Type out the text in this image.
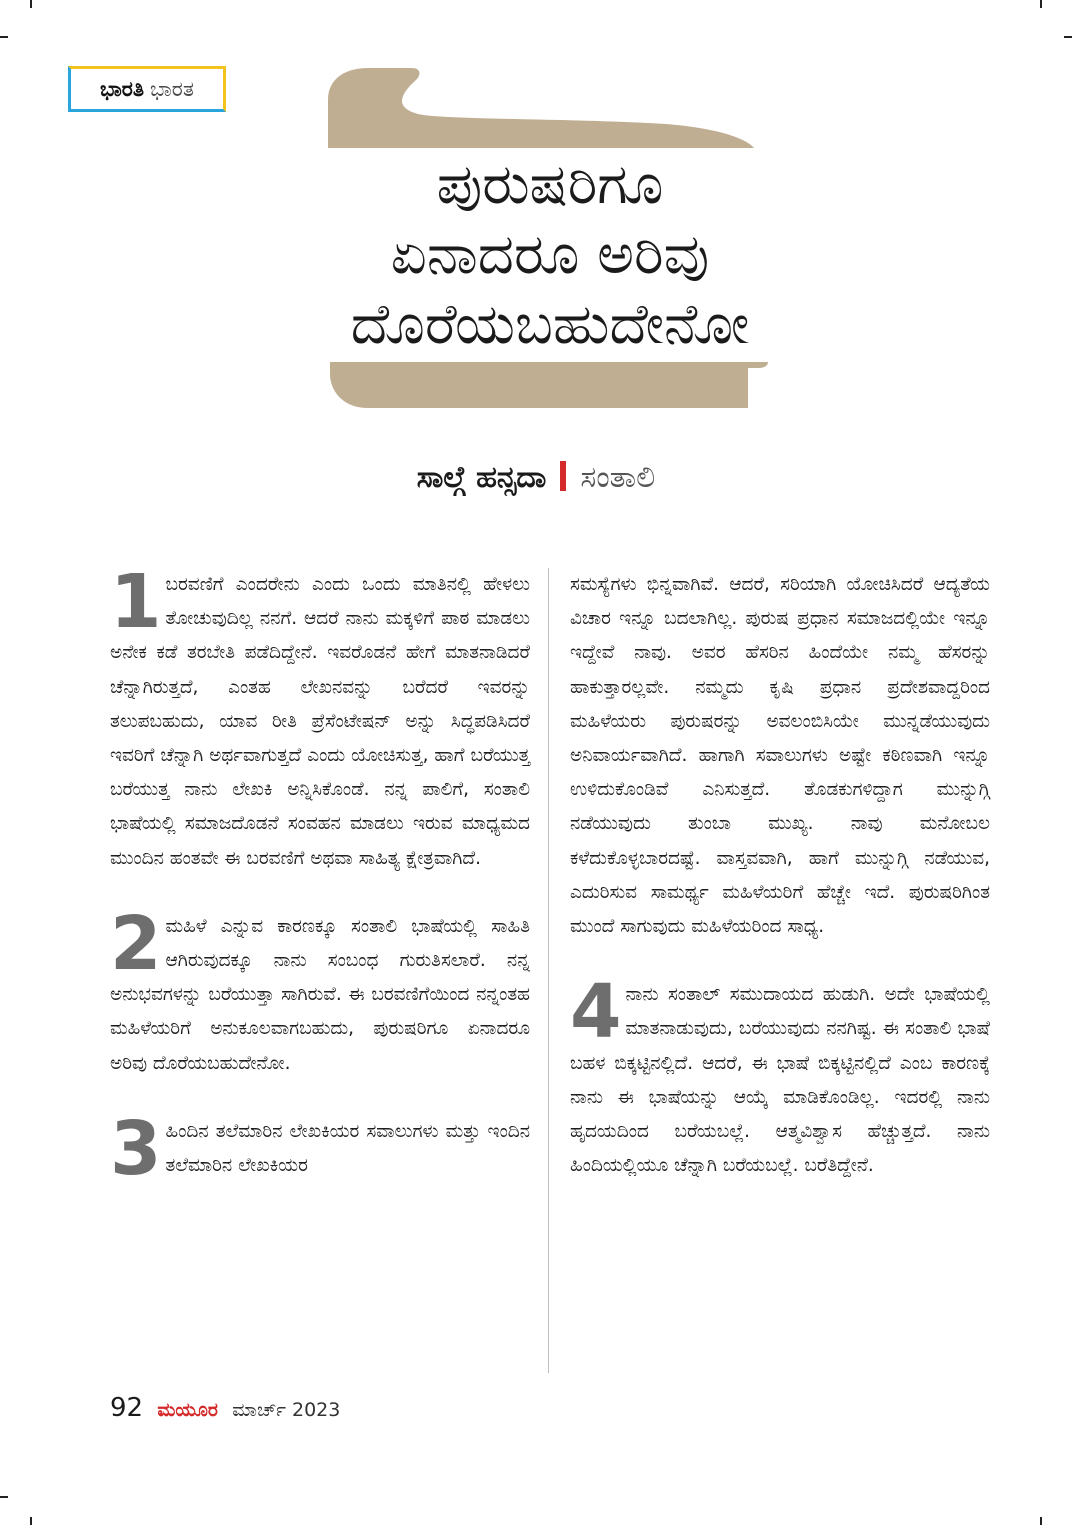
ಭಾರತಿ ಭಾರತ
ಪುರುಷರಿಗೂ
ಏನಾದರೂ ಅರಿವು
ದೊರೆಯಬಹುದೇನೋ
ಸಾಲ್ಗೆ ಹನ್ಸದಾ ಸಂತಾಲಿ

1 ಬರವಣಿಗೆ ಎಂದರೇನು ಎಂದು ಒಂದು ಮಾತಿನಲ್ಲಿ ಹೇಳಲು ತೋಚುವುದಿಲ್ಲ ನನಗೆ. ಆದರೆ ನಾನು ಮಕ್ಕಳಿಗೆ ಪಾಠ ಮಾಡಲು ಅನೇಕ ಕಡೆ ತರಬೇತಿ ಪಡೆದಿದ್ದೇನೆ. ಇವರೊಡನೆ ಹೇಗೆ ಮಾತನಾಡಿದರೆ ಚೆನ್ನಾಗಿರುತ್ತದೆ, ಎಂತಹ ಲೇಖನವನ್ನು ಬರೆದರೆ ಇವರನ್ನು ತಲುಪಬಹುದು, ಯಾವ ರೀತಿ ಪ್ರೆಸೆಂಟೇಷನ್ ಅನ್ನು ಸಿದ್ಧಪಡಿಸಿದರೆ ಇವರಿಗೆ ಚೆನ್ನಾಗಿ ಅರ್ಥವಾಗುತ್ತದೆ ಎಂದು ಯೋಚಿಸುತ್ತ, ಹಾಗೆ ಬರೆಯುತ್ತ ಬರೆಯುತ್ತ ನಾನು ಲೇಖಕಿ ಅನ್ನಿಸಿಕೊಂಡೆ. ನನ್ನ ಪಾಲಿಗೆ, ಸಂತಾಲಿ ಭಾಷೆಯಲ್ಲಿ ಸಮಾಜದೊಡನೆ ಸಂವಹನ ಮಾಡಲು ಇರುವ ಮಾಧ್ಯಮದ ಮುಂದಿನ ಹಂತವೇ ಈ ಬರವಣಿಗೆ ಅಥವಾ ಸಾಹಿತ್ಯ ಕ್ಷೇತ್ರವಾಗಿದೆ.

2 ಮಹಿಳೆ ಎನ್ನುವ ಕಾರಣಕ್ಕೂ ಸಂತಾಲಿ ಭಾಷೆಯಲ್ಲಿ ಸಾಹಿತಿ ಆಗಿರುವುದಕ್ಕೂ ನಾನು ಸಂಬಂಧ ಗುರುತಿಸಲಾರೆ. ನನ್ನ ಅನುಭವಗಳನ್ನು ಬರೆಯುತ್ತಾ ಸಾಗಿರುವೆ. ಈ ಬರವಣಿಗೆಯಿಂದ ನನ್ನಂತಹ ಮಹಿಳೆಯರಿಗೆ ಅನುಕೂಲವಾಗಬಹುದು, ಪುರುಷರಿಗೂ ಏನಾದರೂ ಅರಿವು ದೊರೆಯಬಹುದೇನೋ.

3 ಹಿಂದಿನ ತಲೆಮಾರಿನ ಲೇಖಕಿಯರ ಸವಾಲುಗಳು ಮತ್ತು ಇಂದಿನ ತಲೆಮಾರಿನ ಲೇಖಕಿಯರ

ಸಮಸ್ಯೆಗಳು ಭಿನ್ನವಾಗಿವೆ. ಆದರೆ, ಸರಿಯಾಗಿ ಯೋಚಿಸಿದರೆ ಆದ್ಯತೆಯ ವಿಚಾರ ಇನ್ನೂ ಬದಲಾಗಿಲ್ಲ. ಪುರುಷ ಪ್ರಧಾನ ಸಮಾಜದಲ್ಲಿಯೇ ಇನ್ನೂ ಇದ್ದೇವೆ ನಾವು. ಅವರ ಹೆಸರಿನ ಹಿಂದೆಯೇ ನಮ್ಮ ಹೆಸರನ್ನು ಹಾಕುತ್ತಾರಲ್ಲವೇ. ನಮ್ಮದು ಕೃಷಿ ಪ್ರಧಾನ ಪ್ರದೇಶವಾದ್ದರಿಂದ ಮಹಿಳೆಯರು ಪುರುಷರನ್ನು ಅವಲಂಬಿಸಿಯೇ ಮುನ್ನಡೆಯುವುದು ಅನಿವಾರ್ಯವಾಗಿದೆ. ಹಾಗಾಗಿ ಸವಾಲುಗಳು ಅಷ್ಟೇ ಕಠಿಣವಾಗಿ ಇನ್ನೂ ಉಳಿದುಕೊಂಡಿವೆ ಎನಿಸುತ್ತದೆ. ತೊಡಕುಗಳಿದ್ದಾಗ ಮುನ್ನುಗ್ಗಿ ನಡೆಯುವುದು ತುಂಬಾ ಮುಖ್ಯ. ನಾವು ಮನೋಬಲ ಕಳೆದುಕೊಳ್ಳಬಾರದಷ್ಟೆ. ವಾಸ್ತವವಾಗಿ, ಹಾಗೆ ಮುನ್ನುಗ್ಗಿ ನಡೆಯುವ, ಎದುರಿಸುವ ಸಾಮರ್ಥ್ಯ ಮಹಿಳೆಯರಿಗೆ ಹೆಚ್ಚೇ ಇದೆ. ಪುರುಷರಿಗಿಂತ ಮುಂದೆ ಸಾಗುವುದು ಮಹಿಳೆಯರಿಂದ ಸಾಧ್ಯ.

4 ನಾನು ಸಂತಾಲ್ ಸಮುದಾಯದ ಹುಡುಗಿ. ಅದೇ ಭಾಷೆಯಲ್ಲಿ ಮಾತನಾಡುವುದು, ಬರೆಯುವುದು ನನಗಿಷ್ಟ. ಈ ಸಂತಾಲಿ ಭಾಷೆ ಬಹಳ ಬಿಕ್ಕಟ್ಟಿನಲ್ಲಿದೆ. ಆದರೆ, ಈ ಭಾಷೆ ಬಿಕ್ಕಟ್ಟಿನಲ್ಲಿದೆ ಎಂಬ ಕಾರಣಕ್ಕೆ ನಾನು ಈ ಭಾಷೆಯನ್ನು ಆಯ್ಕೆ ಮಾಡಿಕೊಂಡಿಲ್ಲ. ಇದರಲ್ಲಿ ನಾನು ಹೃದಯದಿಂದ ಬರೆಯಬಲ್ಲೆ. ಆತ್ಮವಿಶ್ವಾಸ ಹೆಚ್ಚುತ್ತದೆ. ನಾನು ಹಿಂದಿಯಲ್ಲಿಯೂ ಚೆನ್ನಾಗಿ ಬರೆಯಬಲ್ಲೆ. ಬರೆತಿದ್ದೇನೆ.

92 ಮಯೂರ ಮಾರ್ಚ್ 2023
